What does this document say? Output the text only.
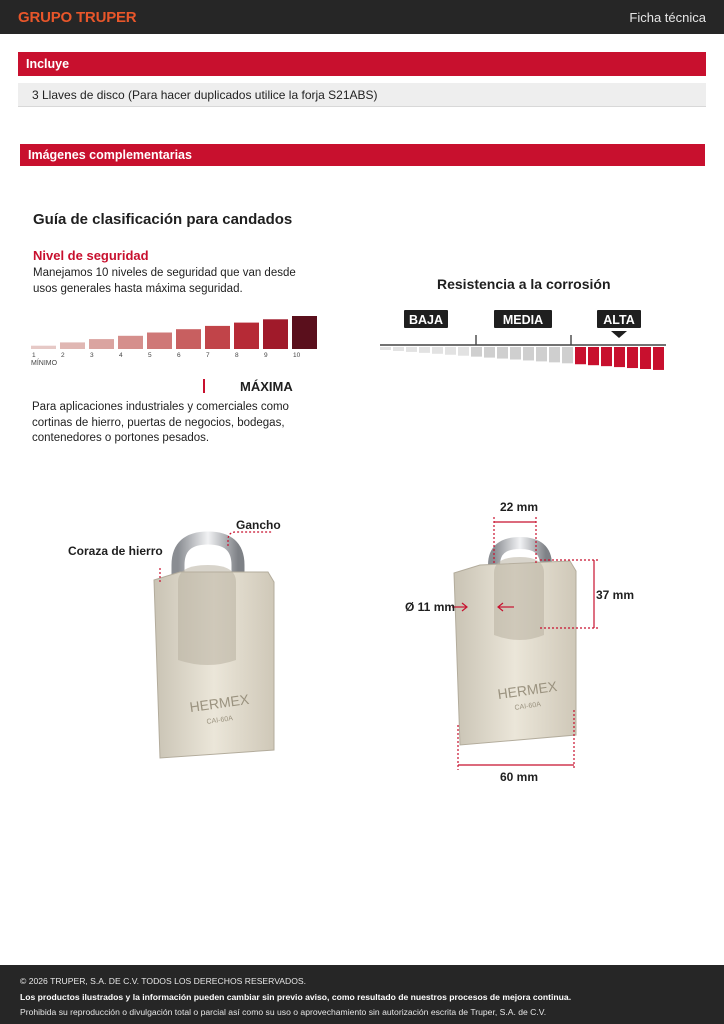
GRUPO TRUPER	Ficha técnica
Incluye
3 Llaves de disco (Para hacer duplicados utilice la forja S21ABS)
Imágenes complementarias
Guía de clasificación para candados
Nivel de seguridad
Manejamos 10 niveles de seguridad que van desde usos generales hasta máxima seguridad.
1	2	3	4	5	6	7	8	9	10
MÍNIMO
MÁXIMA
Para aplicaciones industriales y comerciales como cortinas de hierro, puertas de negocios, bodegas, contenedores o portones pesados.
Resistencia a la corrosión
BAJA	MEDIA	ALTA
HERMEX
CAI-60A
Gancho
Coraza de hierro
HERMEX
CAI-60A
22 mm
Ø 11 mm
37 mm
60 mm
© 2026 TRUPER, S.A. DE C.V. TODOS LOS DERECHOS RESERVADOS.
Los productos ilustrados y la información pueden cambiar sin previo aviso, como resultado de nuestros procesos de mejora continua.
Prohibida su reproducción o divulgación total o parcial así como su uso o aprovechamiento sin autorización escrita de Truper, S.A. de C.V.
